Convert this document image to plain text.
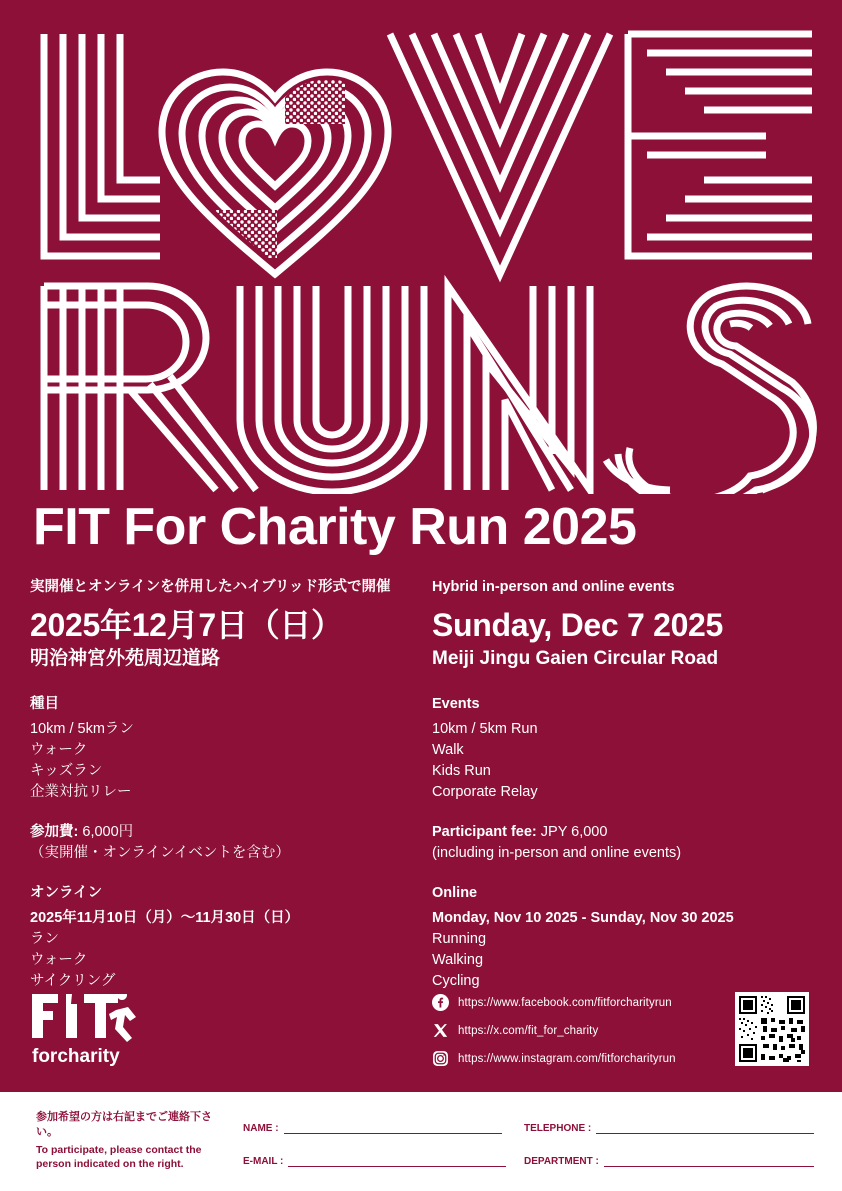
FIT For Charity Run 2025

実開催とオンラインを併用したハイブリッド形式で開催

2025年12月7日（日）

明治神宮外苑周辺道路

種目

10km / 5kmラン

ウォーク

キッズラン

企業対抗リレー

参加費: 6,000円

（実開催・オンラインイベントを含む）

オンライン

2025年11月10日（月）〜11月30日（日）

ラン

ウォーク

サイクリング

Hybrid in-person and online events

Sunday, Dec 7 2025

Meiji Jingu Gaien Circular Road

Events

10km / 5km Run

Walk

Kids Run

Corporate Relay

Participant fee: JPY 6,000

(including in-person and online events)

Online

Monday, Nov 10 2025 - Sunday, Nov 30 2025

Running

Walking

Cycling

forcharity
https://www.facebook.com/fitforcharityrun
https://x.com/fit_for_charity
https://www.instagram.com/fitforcharityrun
参加希望の方は右記までご連絡下さい。
To participate, please contact the person indicated on the right.
NAME :
E-MAIL :
TELEPHONE :
DEPARTMENT :
